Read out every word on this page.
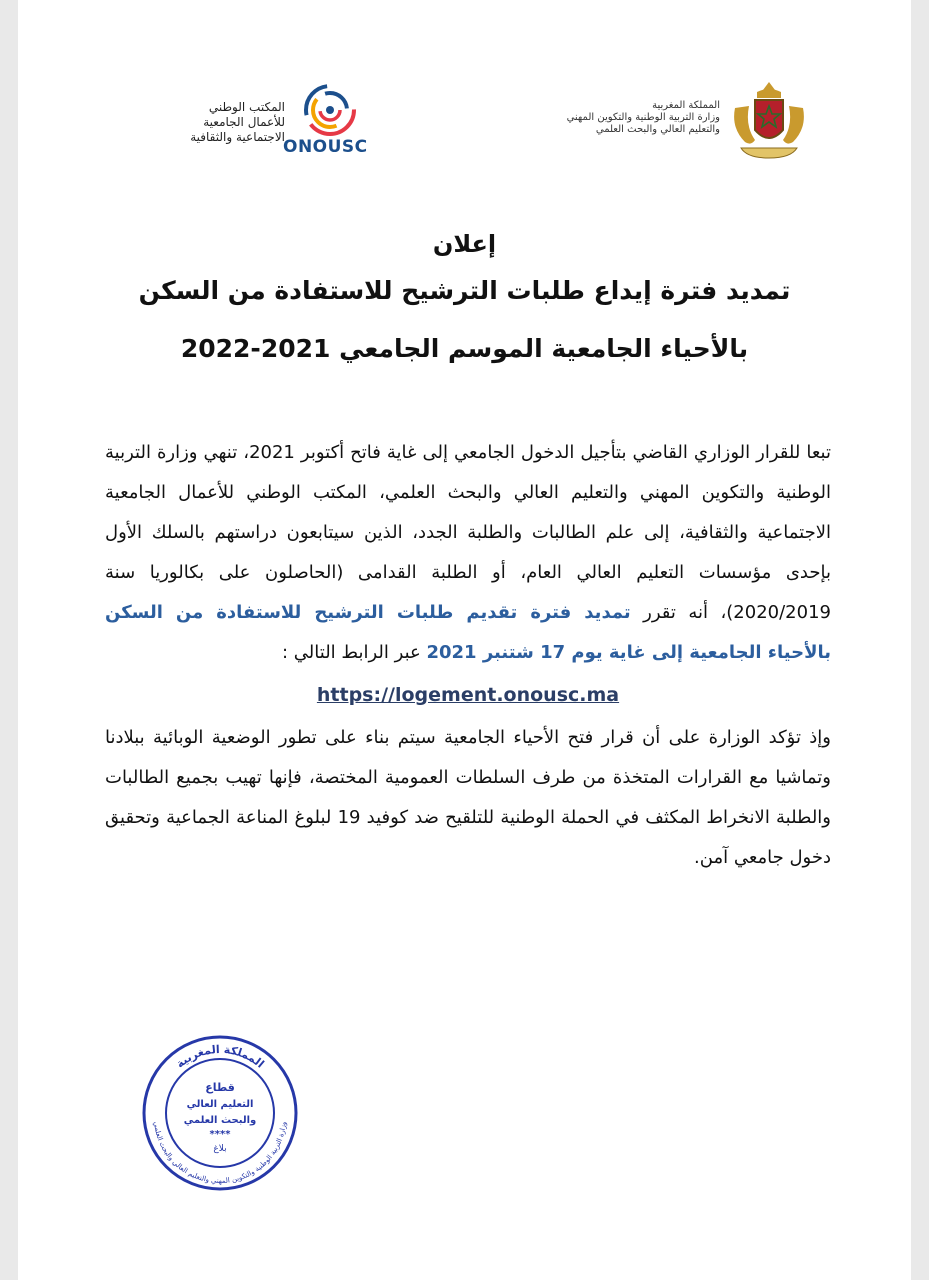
المكتب الوطني
للأعمال الجامعية
الاجتماعية والثقافية
ONOUSC
المملكة المغربية
وزارة التربية الوطنية والتكوين المهني
والتعليم العالي والبحث العلمي
إعلان
تمديد فترة إيداع طلبات الترشيح للاستفادة من السكن
بالأحياء الجامعية الموسم الجامعي 2021-2022

تبعا للقرار الوزاري القاضي بتأجيل الدخول الجامعي إلى غاية فاتح أكتوبر 2021، تنهي وزارة التربية الوطنية والتكوين المهني والتعليم العالي والبحث العلمي، المكتب الوطني للأعمال الجامعية الاجتماعية والثقافية، إلى علم الطالبات والطلبة الجدد، الذين سيتابعون دراستهم بالسلك الأول بإحدى مؤسسات التعليم العالي العام، أو الطلبة القدامى (الحاصلون على بكالوريا سنة 2020/2019)، أنه تقرر تمديد فترة تقديم طلبات الترشيح للاستفادة من السكن بالأحياء الجامعية إلى غاية يوم 17 شتنبر 2021 عبر الرابط التالي :

https://logement.onousc.ma

وإذ تؤكد الوزارة على أن قرار فتح الأحياء الجامعية سيتم بناء على تطور الوضعية الوبائية ببلادنا وتماشيا مع القرارات المتخذة من طرف السلطات العمومية المختصة، فإنها تهيب بجميع الطالبات والطلبة الانخراط المكثف في الحملة الوطنية للتلقيح ضد كوفيد 19 لبلوغ المناعة الجماعية وتحقيق دخول جامعي آمن.

المملكة المغربية
وزارة التربية الوطنية والتكوين المهني والتعليم العالي والبحث العلمي
قطاع
التعليم العالي
والبحث العلمي
****
بلاغ
